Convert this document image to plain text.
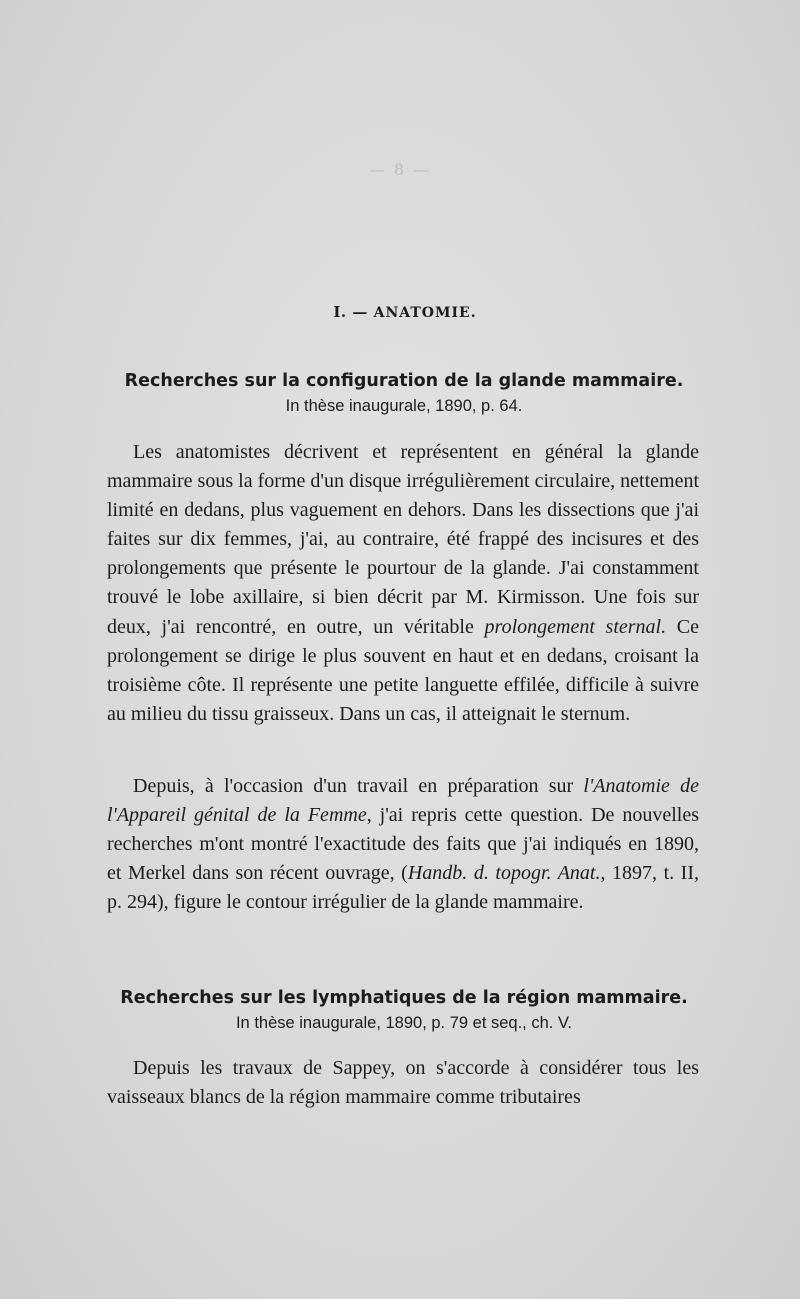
— 8 —
I. — ANATOMIE.
Recherches sur la configuration de la glande mammaire.
In thèse inaugurale, 1890, p. 64.

Les anatomistes décrivent et représentent en général la glande mammaire sous la forme d'un disque irrégulièrement circulaire, nettement limité en dedans, plus vaguement en dehors. Dans les dissections que j'ai faites sur dix femmes, j'ai, au contraire, été frappé des incisures et des prolongements que présente le pourtour de la glande. J'ai constamment trouvé le lobe axillaire, si bien décrit par M. Kirmisson. Une fois sur deux, j'ai rencontré, en outre, un véritable prolongement sternal. Ce prolongement se dirige le plus souvent en haut et en dedans, croisant la troisième côte. Il représente une petite languette effilée, difficile à suivre au milieu du tissu graisseux. Dans un cas, il atteignait le sternum.

Depuis, à l'occasion d'un travail en préparation sur l'Anatomie de l'Appareil génital de la Femme, j'ai repris cette question. De nouvelles recherches m'ont montré l'exactitude des faits que j'ai indiqués en 1890, et Merkel dans son récent ouvrage, (Handb. d. topogr. Anat., 1897, t. II, p. 294), figure le contour irrégulier de la glande mammaire.

Recherches sur les lymphatiques de la région mammaire.
In thèse inaugurale, 1890, p. 79 et seq., ch. V.

Depuis les travaux de Sappey, on s'accorde à considérer tous les vaisseaux blancs de la région mammaire comme tributaires
